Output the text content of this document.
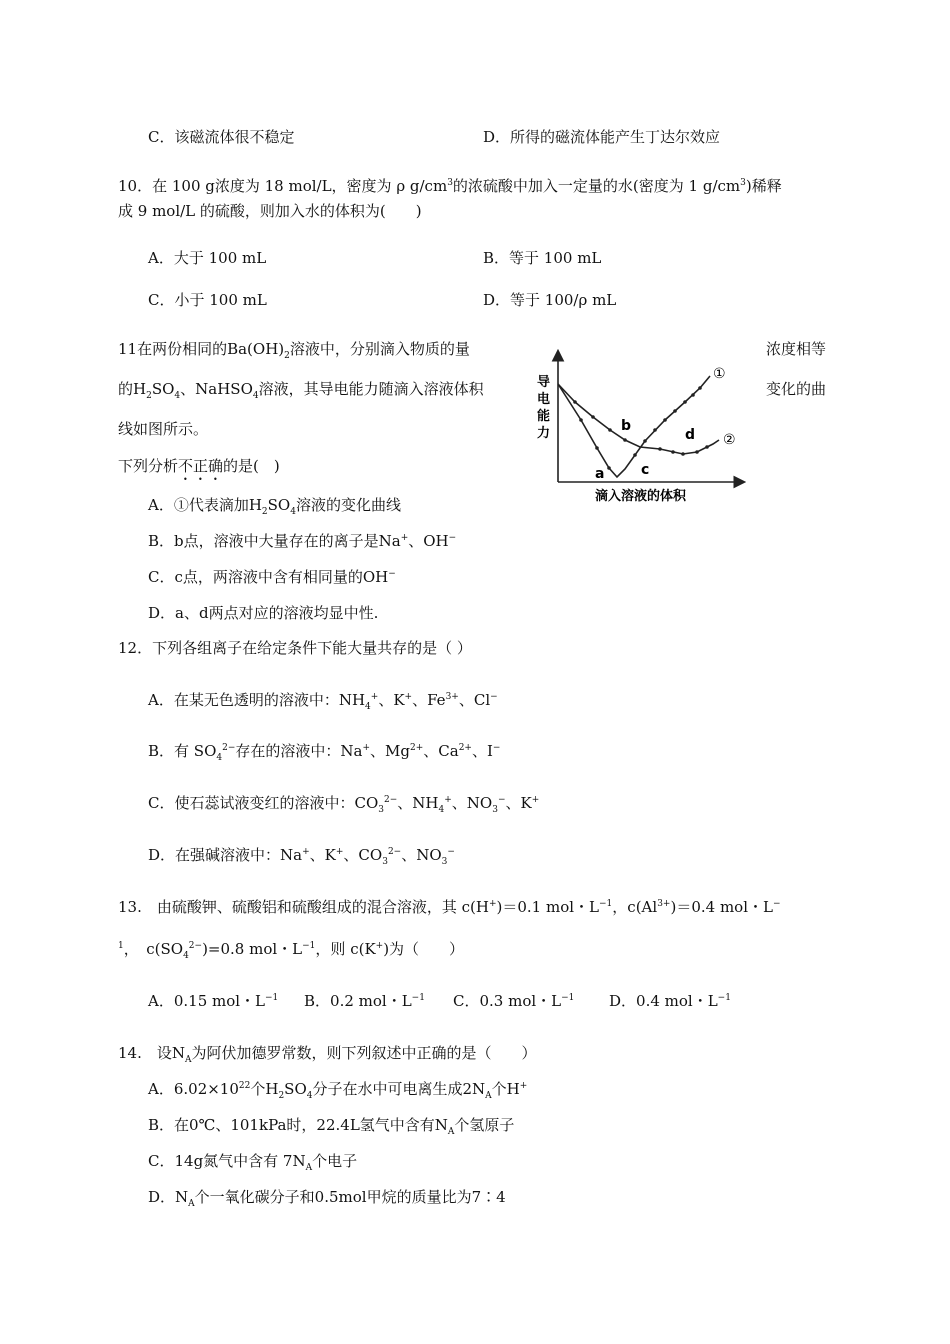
C．该磁流体很不稳定	D．所得的磁流体能产生丁达尔效应
10．在 100 g浓度为 18 mol/L，密度为 ρ $g/cm^3$的浓硫酸中加入一定量的水(密度为 1 $g/cm^3$)稀释
成 9 mol/L 的硫酸，则加入水的体积为(　　)
A．大于 100 mL	B．等于 100 mL
C．小于 100 mL	D．等于 100/ρ mL
11在两份相同的$Ba(OH)_2$溶液中，分别滴入物质的量	浓度相等
的$H_2SO_4$、NaHSO$_4$溶液，其导电能力随滴入溶液体积	变化的曲
线如图所示。
下列分析不正确的是(　)
A．①代表滴加$H_2SO_4$溶液的变化曲线
B．b点，溶液中大量存在的离子是Na+、OH−
C．c点，两溶液中含有相同量的OH−
D．a、d两点对应的溶液均显中性.
导
电
能
力
滴入溶液的体积
①
②
a
b
c
d
12．下列各组离子在给定条件下能大量共存的是（ ）
A．在某无色透明的溶液中：$NH_4^+$、K+、$Fe^{3+}$、Cl−
B．有 $SO_4^{2-}$存在的溶液中：Na+、$Mg^{2+}$、$Ca^{2+}$、I−
C．使石蕊试液变红的溶液中：$CO_3^{2-}$、$NH_4^+$、$NO_3^-$、K+
D．在强碱溶液中：Na+、K+、$CO_3^{2-}$、$NO_3^-$
13.　由硫酸钾、硫酸铝和硫酸组成的混合溶液，其 c(H+)＝0.1 mol・$L^{-1}$，$c(Al^{3+})=0.4$ mol・L−
$^1$，　$c(SO_4^{2-})=0.8$ mol・$L^{-1}$，则 c(K+)为（　　）
A．0.15 mol・$L^{-1}$ B．0.2 mol・$L^{-1}$ C．0.3 mol・$L^{-1}$ D．0.4 mol・$L^{-1}$
14.　设$N_A$为阿伏加德罗常数，则下列叙述中正确的是（　　）
A．$6.02\times 10^{22}$个$H_2SO_4$分子在水中可电离生成$2N_A$个H+
B．在0℃、101kPa时，22.4L氢气中含有$N_A$个氢原子
C．14g氮气中含有 $7N_A$个电子
D．$N_A$个一氧化碳分子和0.5mol甲烷的质量比为7∶4
